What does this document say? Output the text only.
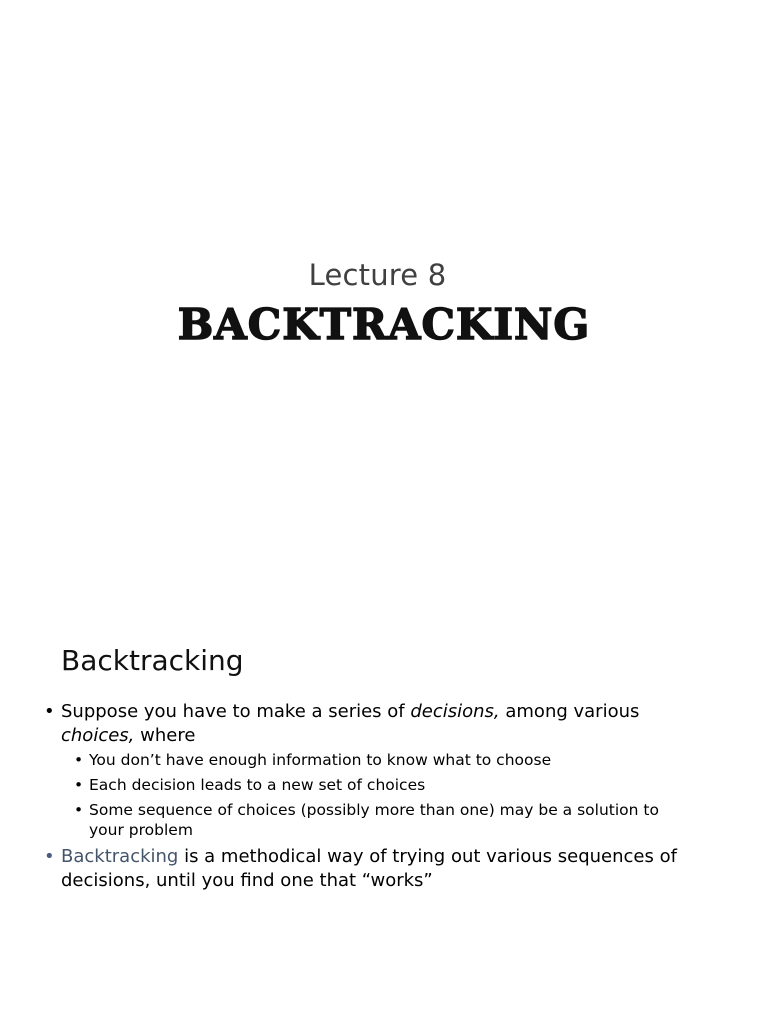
Lecture 8
BACKTRACKING
Backtracking
• Suppose you have to make a series of decisions, among various choices, where
• You don’t have enough information to know what to choose
• Each decision leads to a new set of choices
• Some sequence of choices (possibly more than one) may be a solution to your problem
• Backtracking is a methodical way of trying out various sequences of decisions, until you find one that “works”
